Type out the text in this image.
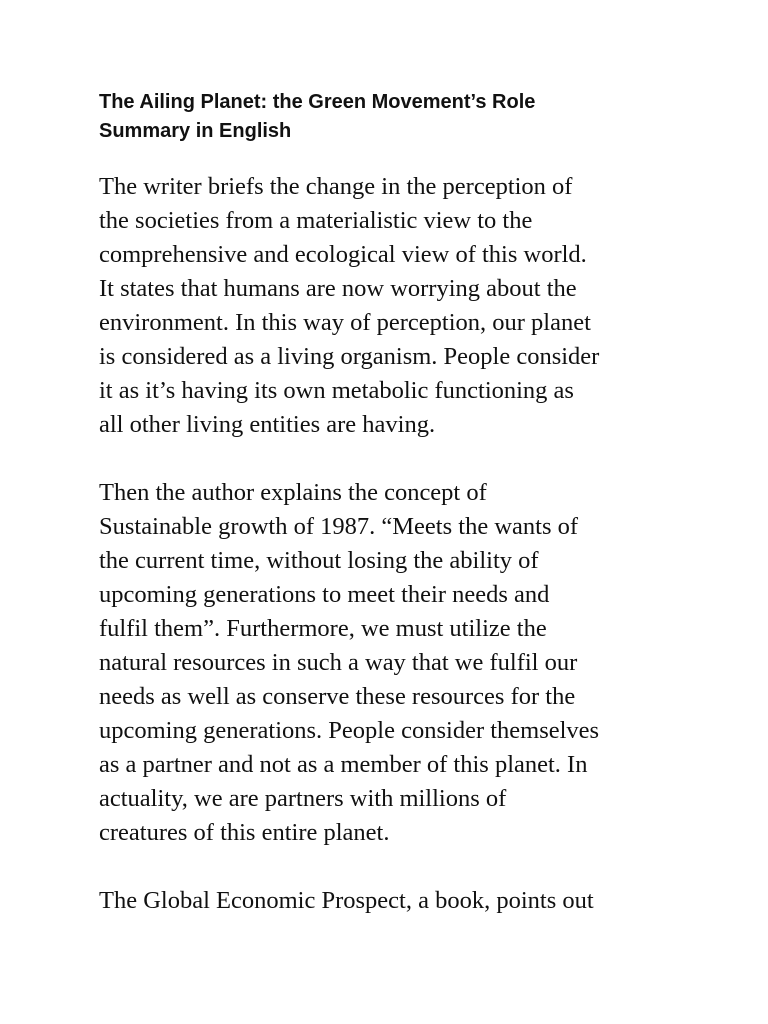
The Ailing Planet: the Green Movement’s Role
Summary in English

The writer briefs the change in the perception of
the societies from a materialistic view to the
comprehensive and ecological view of this world.
It states that humans are now worrying about the
environment. In this way of perception, our planet
is considered as a living organism. People consider
it as it’s having its own metabolic functioning as
all other living entities are having.

Then the author explains the concept of
Sustainable growth of 1987. “Meets the wants of
the current time, without losing the ability of
upcoming generations to meet their needs and
fulfil them”. Furthermore, we must utilize the
natural resources in such a way that we fulfil our
needs as well as conserve these resources for the
upcoming generations. People consider themselves
as a partner and not as a member of this planet. In
actuality, we are partners with millions of
creatures of this entire planet.

The Global Economic Prospect, a book, points out
